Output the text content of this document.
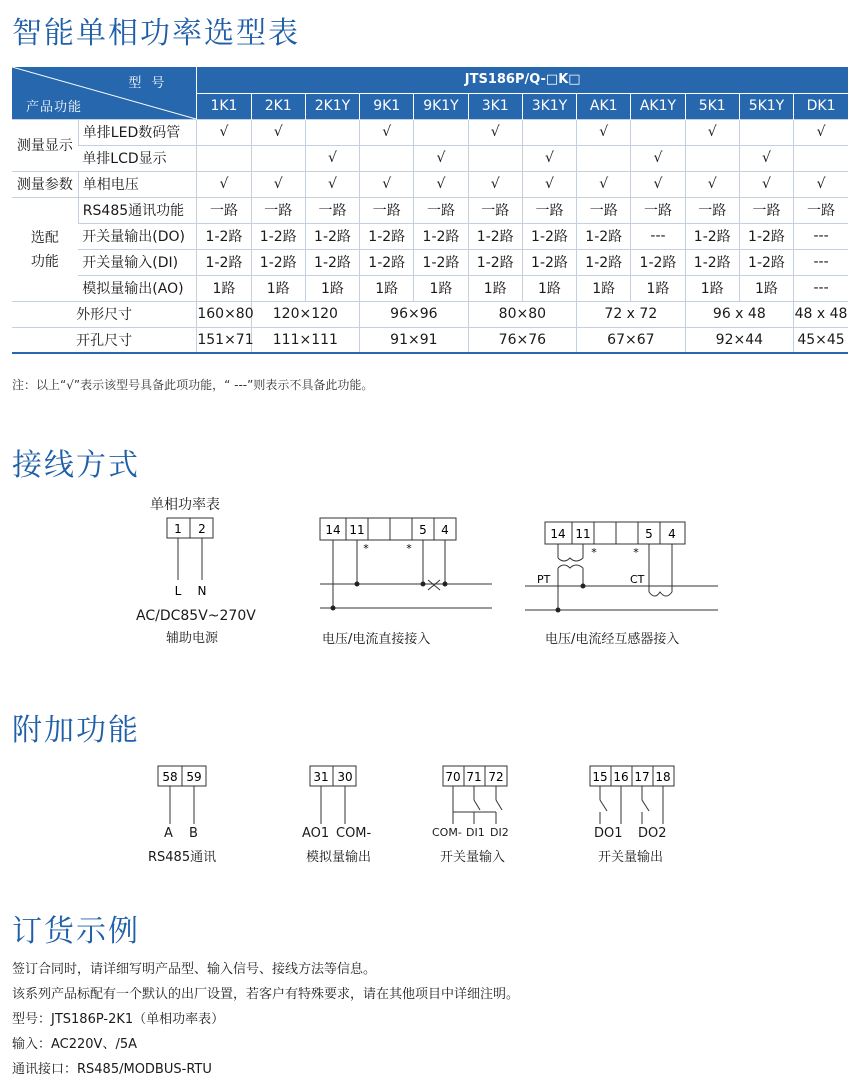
智能单相功率选型表
型号
产品功能		JTS186P/Q-□K□											
		1K1	2K1	2K1Y	9K1	9K1Y	3K1	3K1Y	AK1	AK1Y	5K1	5K1Y	DK1
测量显示	单排LED数码管	√	√		√		√		√		√		√
	单排LCD显示			√		√		√		√		√	
测量参数	单相电压	√	√	√	√	√	√	√	√	√	√	√	√

选配
功能	RS485通讯功能	一路	一路	一路	一路	一路	一路	一路	一路	一路	一路	一路	一路
	开关量输出(DO)	1-2路	1-2路	1-2路	1-2路	1-2路	1-2路	1-2路	1-2路	---	1-2路	1-2路	---
	开关量输入(DI)	1-2路	1-2路	1-2路	1-2路	1-2路	1-2路	1-2路	1-2路	1-2路	1-2路	1-2路	---
	模拟量输出(AO)	1路	1路	1路	1路	1路	1路	1路	1路	1路	1路	1路	---
外形尺寸		160×80	120×120		96×96		80×80		72 x 72		96 x 48		48 x 48
开孔尺寸		151×71	111×111		91×91		76×76		67×67		92×44		45×45
注：以上“√”表示该型号具备此项功能，“ ---”则表示不具备此功能。
接线方式
单相功率表
1 2
L N
14 11	5 4
*	*
14 11	5 4
*	*
PT	CT
58 59	31 30	70 71 72	15 16 17 18
AC/DC85V~270V
辅助电源	电压/电流直接接入	电压/电流经互感器接入
附加功能
A B
RS485通讯
AO1 COM-
模拟量输出
COM- DI1 DI2
开关量输入
DO1 DO2
开关量输出
订货示例
签订合同时，请详细写明产品型、输入信号、接线方法等信息。
该系列产品标配有一个默认的出厂设置，若客户有特殊要求，请在其他项目中详细注明。
型号：JTS186P-2K1（单相功率表）
输入：AC220V、/5A
通讯接口：RS485/MODBUS-RTU
